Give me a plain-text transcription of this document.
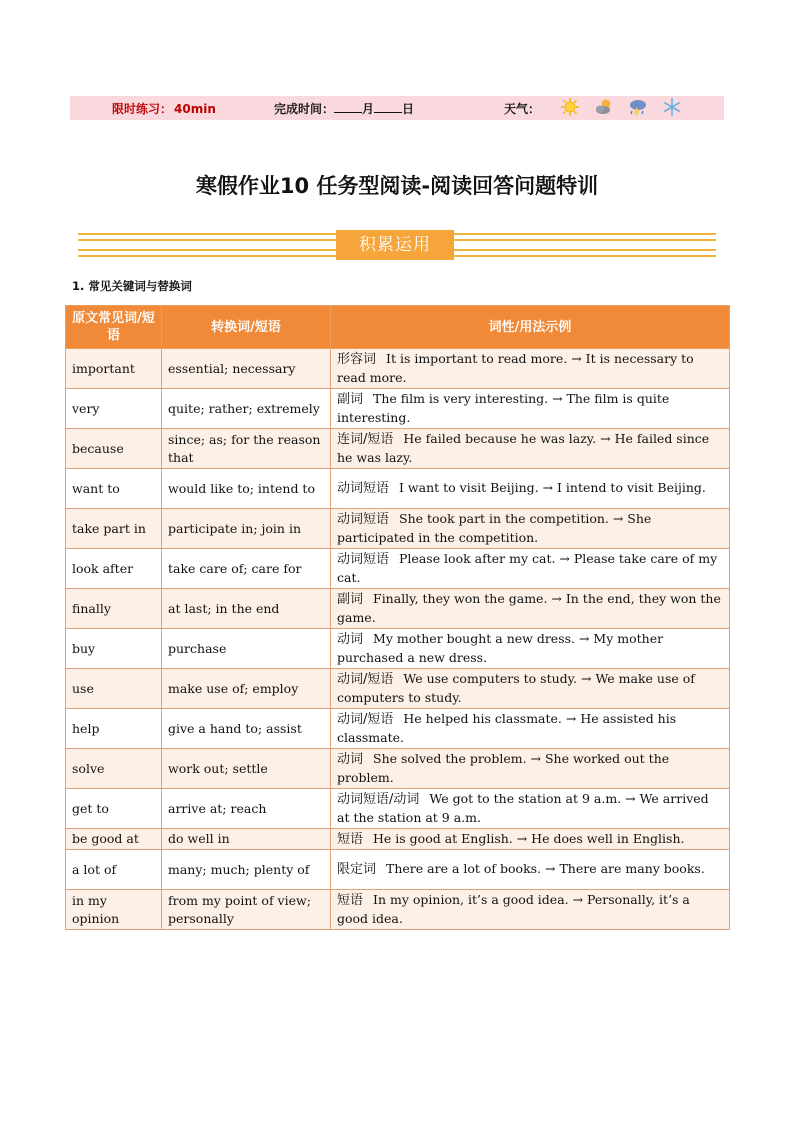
限时练习： 40min	完成时间： 月 日	天气：
寒假作业10 任务型阅读-阅读回答问题特训
积累运用
1. 常见关键词与替换词
原文常见词/短语	转换词/短语	词性/用法示例
important	essential; necessary	形容词 It is important to read more. → It is necessary to read more.
very	quite; rather; extremely	副词 The film is very interesting. → The film is quite interesting.
because	since; as; for the reason that	连词/短语 He failed because he was lazy. → He failed since he was lazy.
want to	would like to; intend to	动词短语 I want to visit Beijing. → I intend to visit Beijing.
take part in	participate in; join in	动词短语 She took part in the competition. → She participated in the competition.
look after	take care of; care for	动词短语 Please look after my cat. → Please take care of my cat.
finally	at last; in the end	副词 Finally, they won the game. → In the end, they won the game.
buy	purchase	动词 My mother bought a new dress. → My mother purchased a new dress.
use	make use of; employ	动词/短语 We use computers to study. → We make use of computers to study.
help	give a hand to; assist	动词/短语 He helped his classmate. → He assisted his classmate.
solve	work out; settle	动词 She solved the problem. → She worked out the problem.
get to	arrive at; reach	动词短语/动词 We got to the station at 9 a.m. → We arrived at the station at 9 a.m.
be good at	do well in	短语 He is good at English. → He does well in English.
a lot of	many; much; plenty of	限定词 There are a lot of books. → There are many books.
in my opinion	from my point of view; personally	短语 In my opinion, it’s a good idea. → Personally, it’s a good idea.
